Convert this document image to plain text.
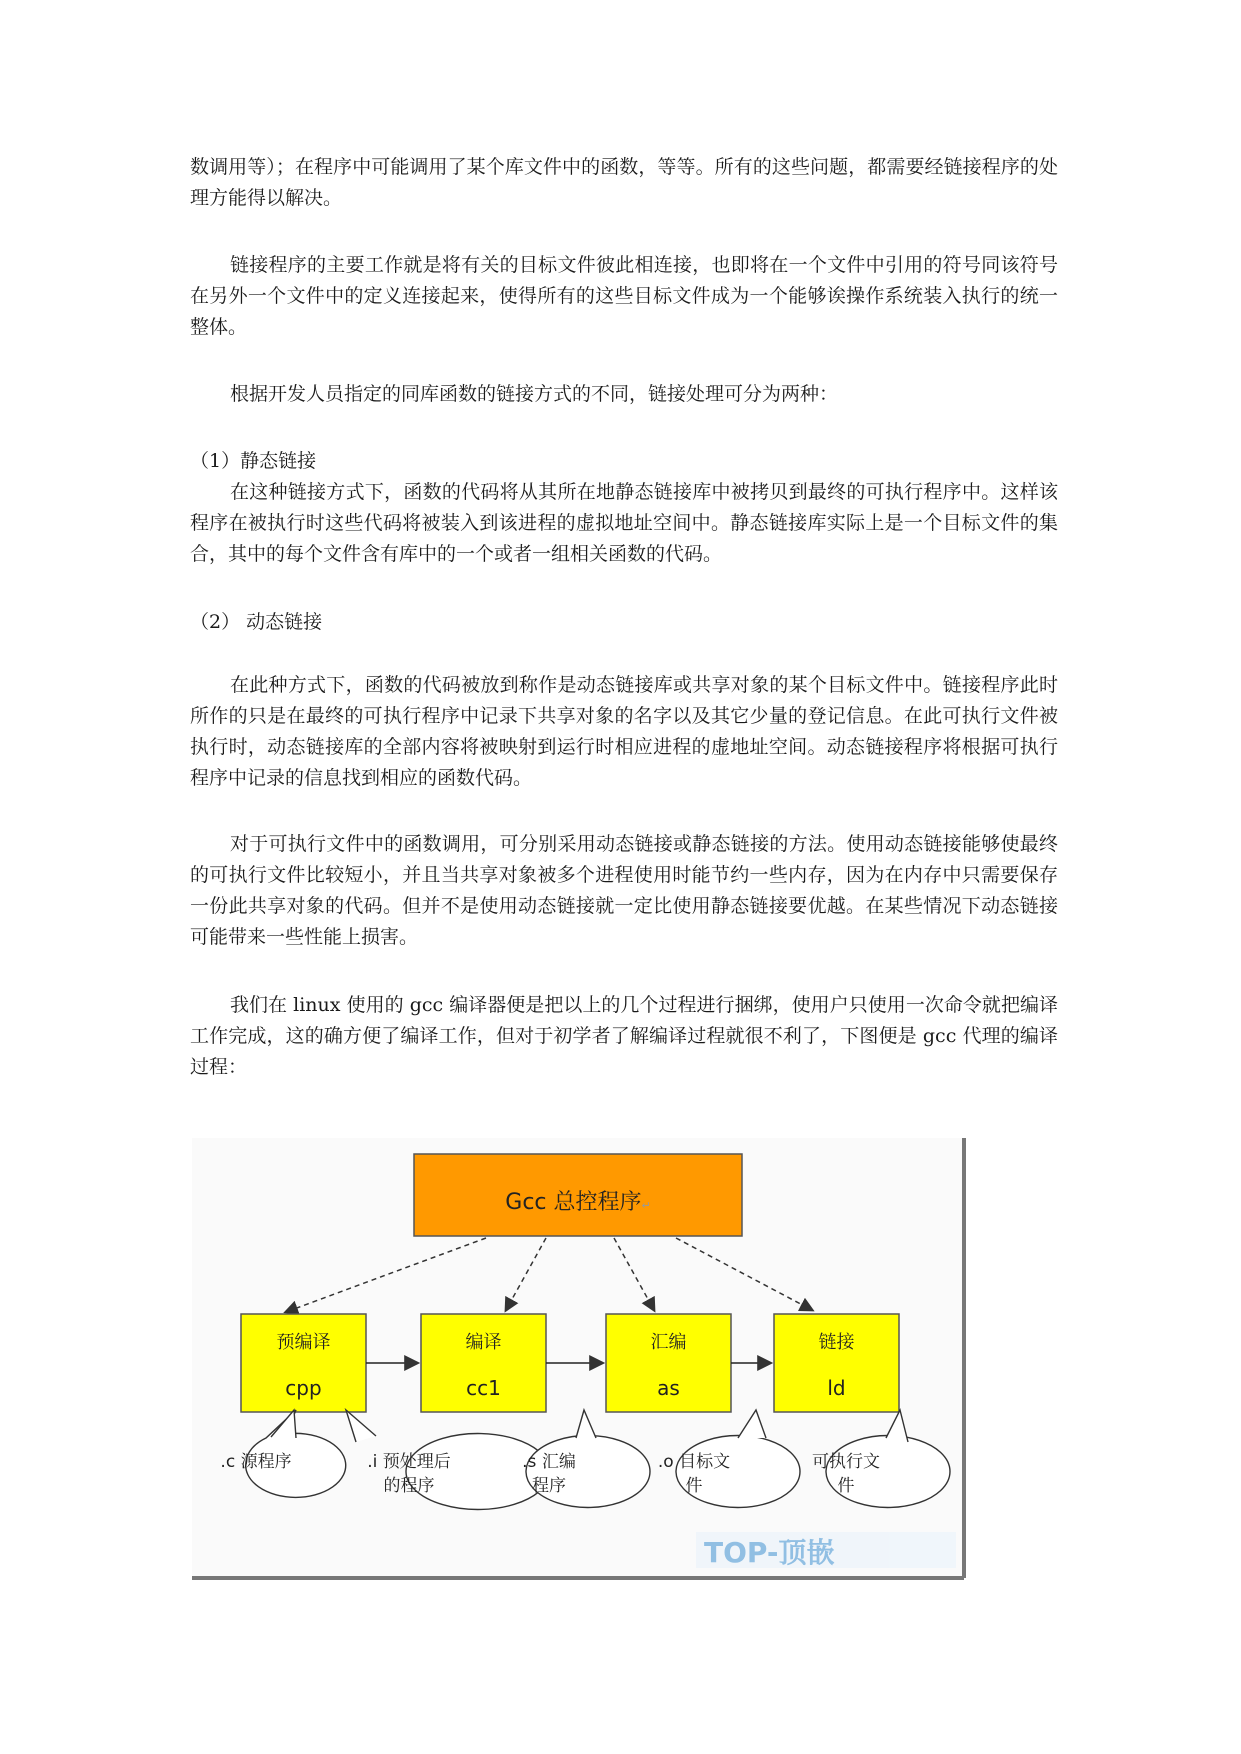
数调用等）；在程序中可能调用了某个库文件中的函数，等等。所有的这些问题，都需要经链接程序的处理方能得以解决。

链接程序的主要工作就是将有关的目标文件彼此相连接，也即将在一个文件中引用的符号同该符号在另外一个文件中的定义连接起来，使得所有的这些目标文件成为一个能够诶操作系统装入执行的统一整体。

根据开发人员指定的同库函数的链接方式的不同，链接处理可分为两种：

（1）静态链接

在这种链接方式下，函数的代码将从其所在地静态链接库中被拷贝到最终的可执行程序中。这样该程序在被执行时这些代码将被装入到该进程的虚拟地址空间中。静态链接库实际上是一个目标文件的集合，其中的每个文件含有库中的一个或者一组相关函数的代码。

（2） 动态链接

在此种方式下，函数的代码被放到称作是动态链接库或共享对象的某个目标文件中。链接程序此时所作的只是在最终的可执行程序中记录下共享对象的名字以及其它少量的登记信息。在此可执行文件被执行时，动态链接库的全部内容将被映射到运行时相应进程的虚地址空间。动态链接程序将根据可执行程序中记录的信息找到相应的函数代码。

对于可执行文件中的函数调用，可分别采用动态链接或静态链接的方法。使用动态链接能够使最终的可执行文件比较短小，并且当共享对象被多个进程使用时能节约一些内存，因为在内存中只需要保存一份此共享对象的代码。但并不是使用动态链接就一定比使用静态链接要优越。在某些情况下动态链接可能带来一些性能上损害。

我们在 linux 使用的 gcc 编译器便是把以上的几个过程进行捆绑，使用户只使用一次命令就把编译工作完成，这的确方便了编译工作，但对于初学者了解编译过程就很不利了，下图便是 gcc 代理的编译过程：

TOP-顶嵌
Gcc 总控程序↵
预编译
cpp
编译
cc1
汇编
as
链接
ld
.c 源程序	.i 预处理后的程序
.s 汇编程序
.o 目标文件
可执行文件
